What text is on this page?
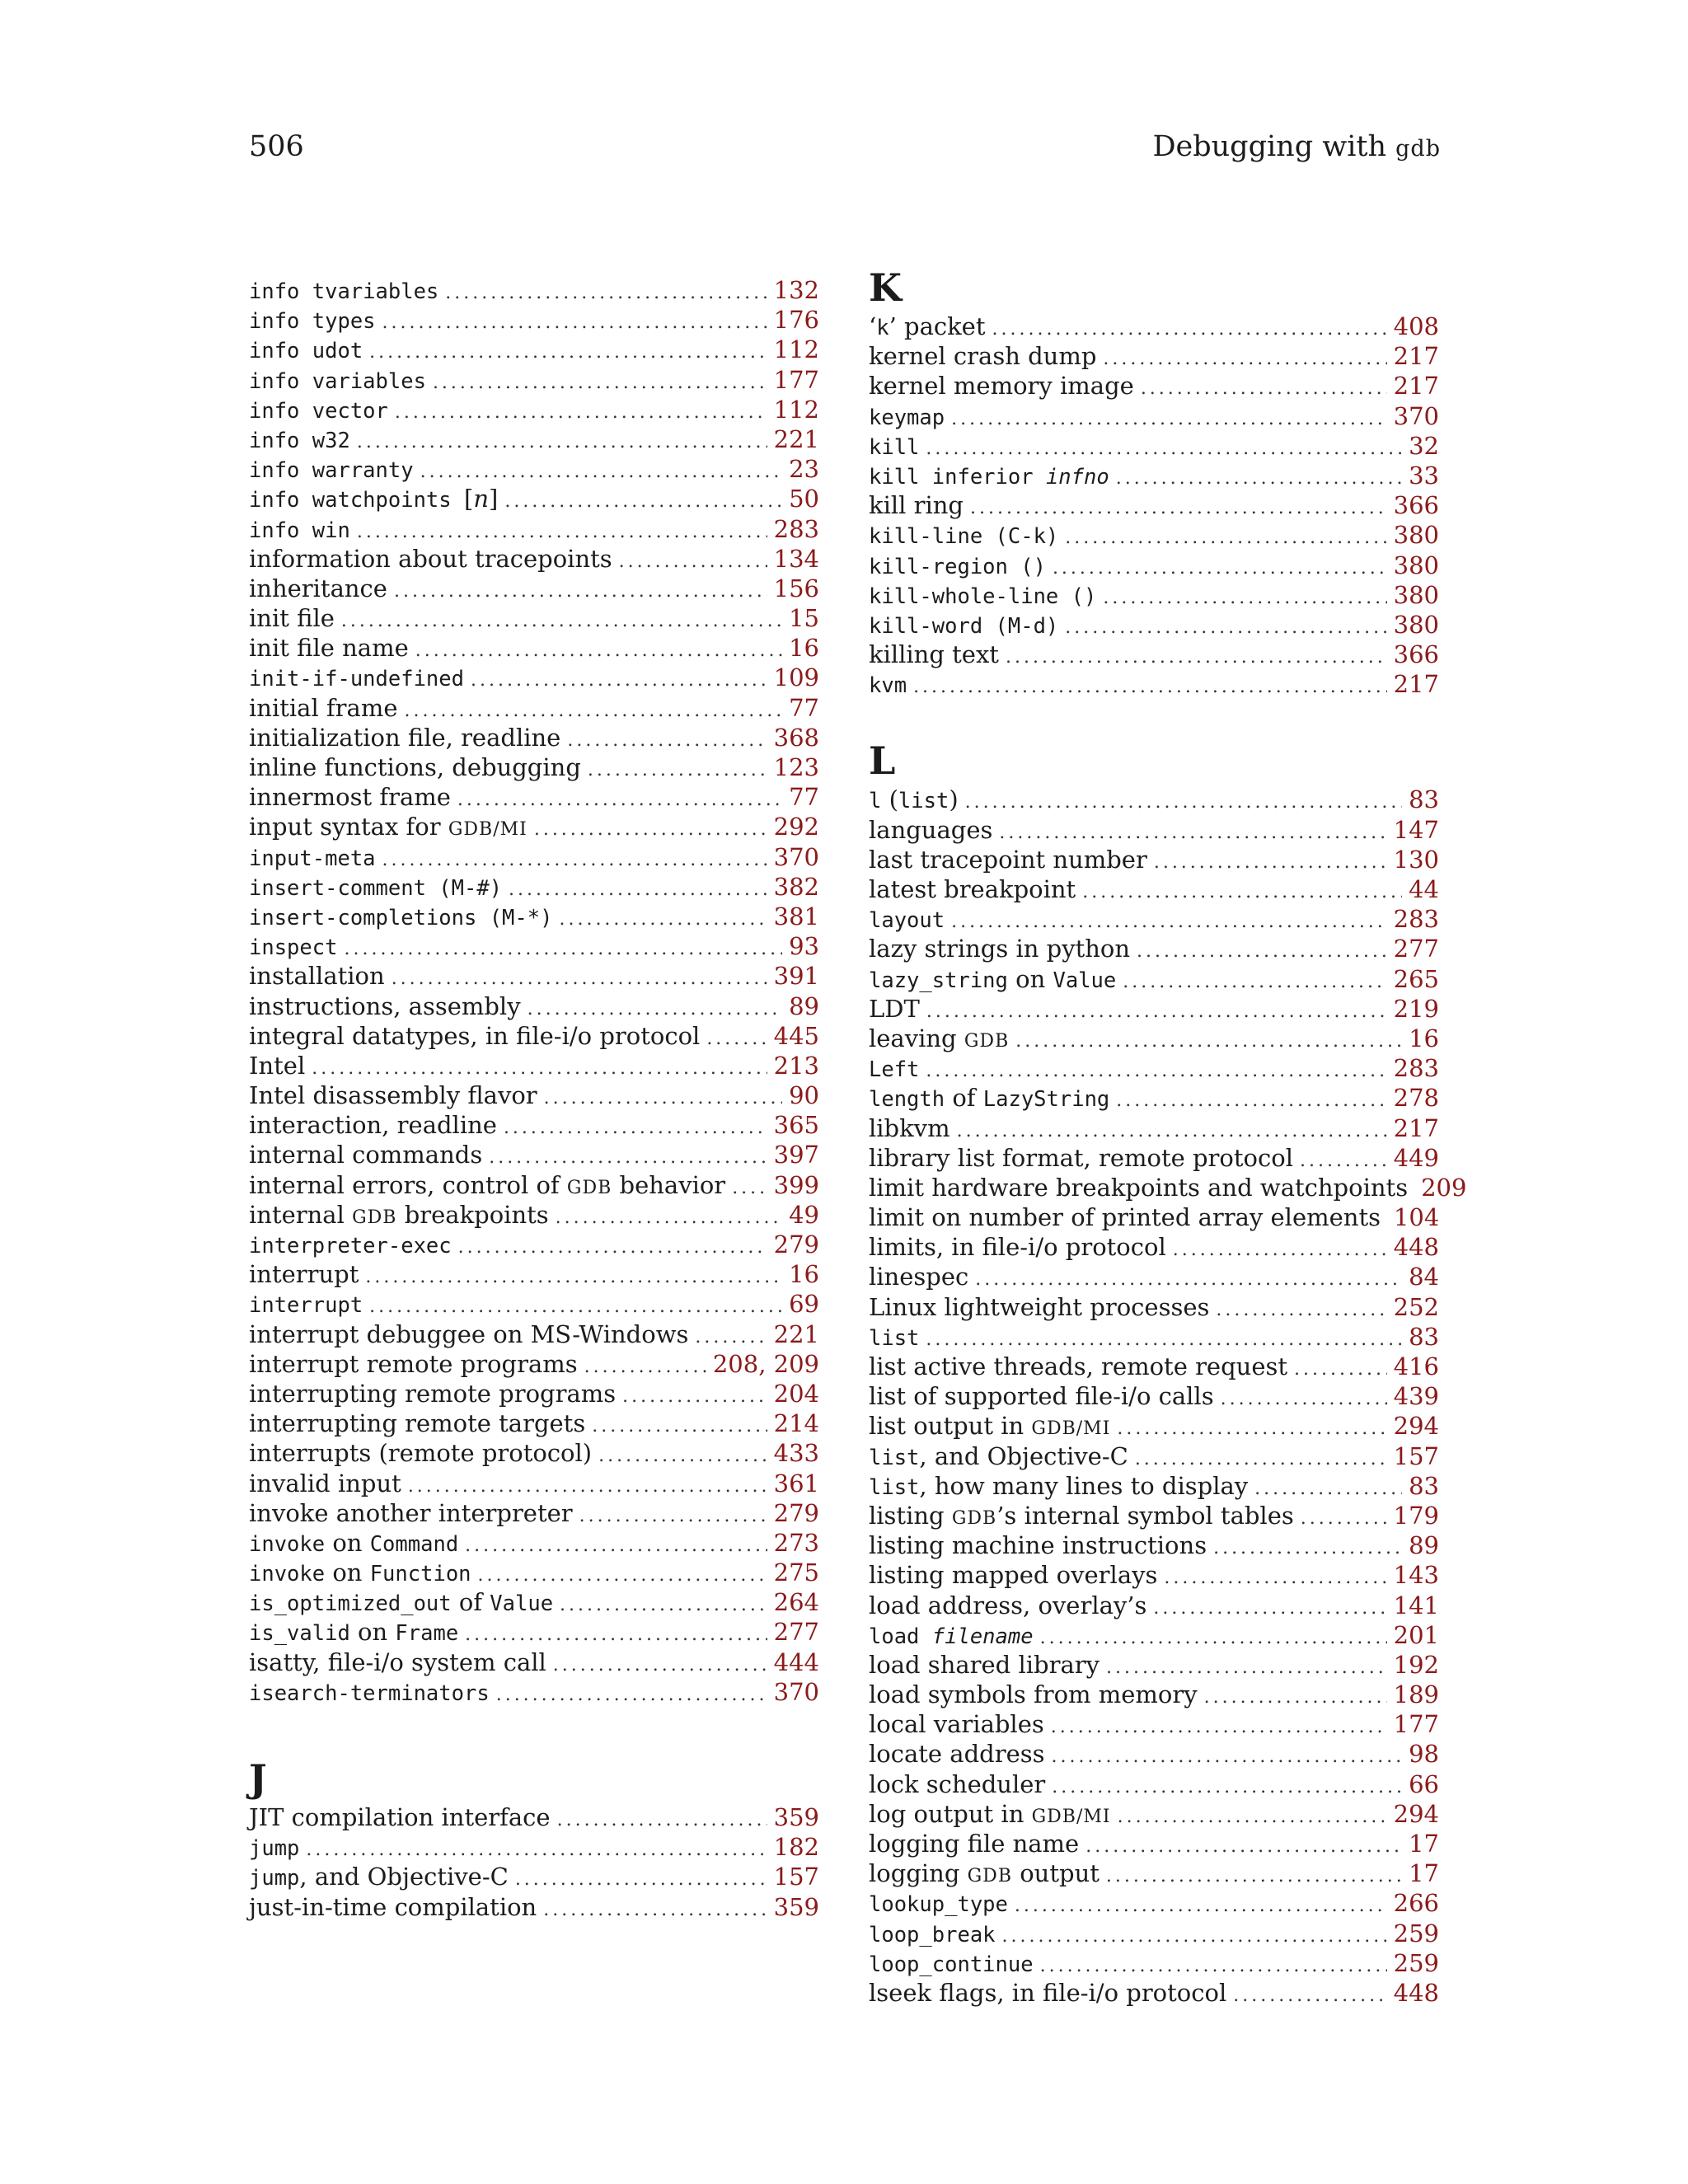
506	Debugging with gdb
info tvariables .....	132
info types .....	176
info udot .....	112
info variables .....	177
info vector .....	112
info w32 .....	221
info warranty .....	23
info watchpoints [n] .....	50
info win .....	283
information about tracepoints .....	134
inheritance .....	156
init file .....	15
init file name .....	16
init-if-undefined .....	109
initial frame .....	77
initialization file, readline .....	368
inline functions, debugging .....	123
innermost frame .....	77
input syntax for GDB/MI .....	292
input-meta .....	370
insert-comment (M-#) .....	382
insert-completions (M-*) .....	381
inspect .....	93
installation .....	391
instructions, assembly .....	89
integral datatypes, in file-i/o protocol .....	445
Intel .....	213
Intel disassembly flavor .....	90
interaction, readline .....	365
internal commands .....	397
internal errors, control of GDB behavior ..... 399
internal GDB breakpoints .....	49
interpreter-exec .....	279
interrupt .....	16
interrupt .....	69
interrupt debuggee on MS-Windows .....	221
interrupt remote programs .....	208 , 209
interrupting remote programs .....	204
interrupting remote targets .....	214
interrupts (remote protocol) .....	433
invalid input .....	361
invoke another interpreter .....	279
invoke on Command .....	273
invoke on Function .....	275
is_optimized_out of Value .....	264
is_valid on Frame .....	277
isatty, file-i/o system call .....	444
isearch-terminators .....	370
J
JIT compilation interface .....	359
jump .....	182
jump, and Objective-C .....	157
just-in-time compilation .....	359
K
‘k’ packet .....	408
kernel crash dump .....	217
kernel memory image .....	217
keymap .....	370
kill .....	32
kill inferior infno .....	33
kill ring .....	366
kill-line (C-k) .....	380
kill-region () .....	380
kill-whole-line () .....	380
kill-word (M-d) .....	380
killing text .....	366
kvm .....	217
L
l (list) .....	83
languages .....	147
last tracepoint number .....	130
latest breakpoint .....	44
layout .....	283
lazy strings in python .....	277
lazy_string on Value .....	265
LDT .....	219
leaving GDB .....	16
Left .....	283
length of LazyString .....	278
libkvm .....	217
library list format, remote protocol .....	449
limit hardware breakpoints and watchpoints 209
limit on number of printed array elements 104
limits, in file-i/o protocol .....	448
linespec .....	84
Linux lightweight processes .....	252
list .....	83
list active threads, remote request .....	416
list of supported file-i/o calls .....	439
list output in GDB/MI .....	294
list, and Objective-C .....	157
list, how many lines to display .....	83
listing GDB’s internal symbol tables .....	179
listing machine instructions .....	89
listing mapped overlays .....	143
load address, overlay’s .....	141
load filename .....	201
load shared library .....	192
load symbols from memory .....	189
local variables .....	177
locate address .....	98
lock scheduler .....	66
log output in GDB/MI .....	294
logging file name .....	17
logging GDB output .....	17
lookup_type .....	266
loop_break .....	259
loop_continue .....	259
lseek flags, in file-i/o protocol .....	448
